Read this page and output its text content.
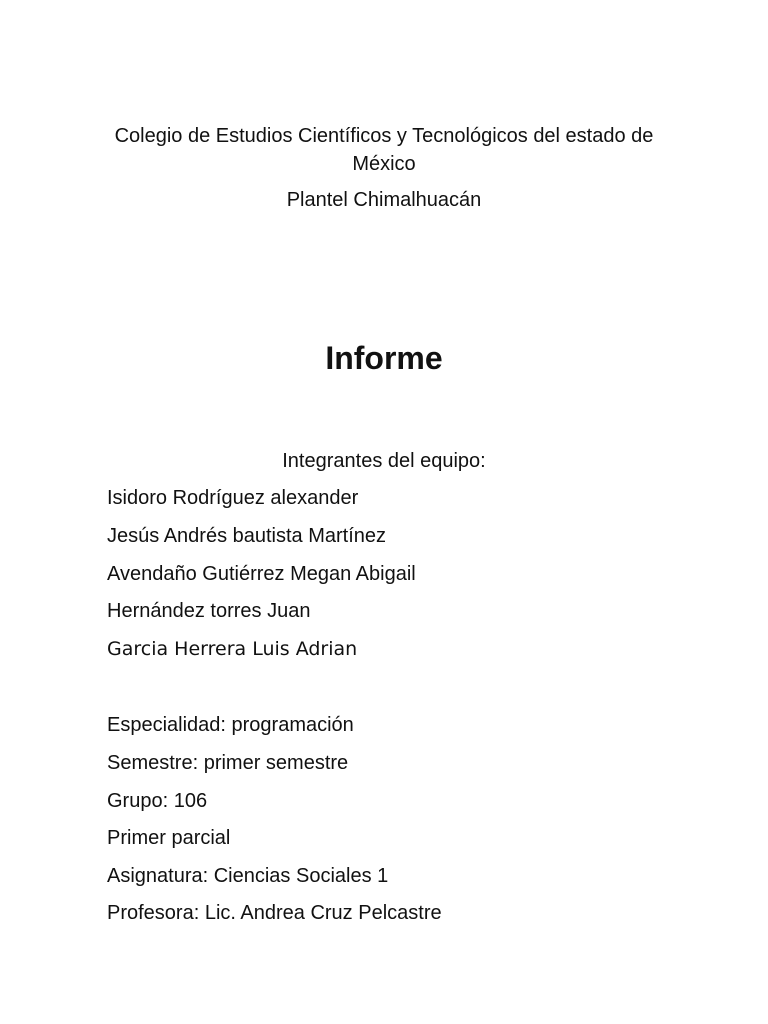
Colegio de Estudios Científicos y Tecnológicos del estado de México
Plantel Chimalhuacán
Informe
Integrantes del equipo:
Isidoro Rodríguez alexander
Jesús Andrés bautista Martínez
Avendaño Gutiérrez Megan Abigail
Hernández torres Juan
Garcia Herrera Luis Adrian
Especialidad: programación
Semestre: primer semestre
Grupo: 106
Primer parcial
Asignatura: Ciencias Sociales 1
Profesora: Lic. Andrea Cruz Pelcastre
